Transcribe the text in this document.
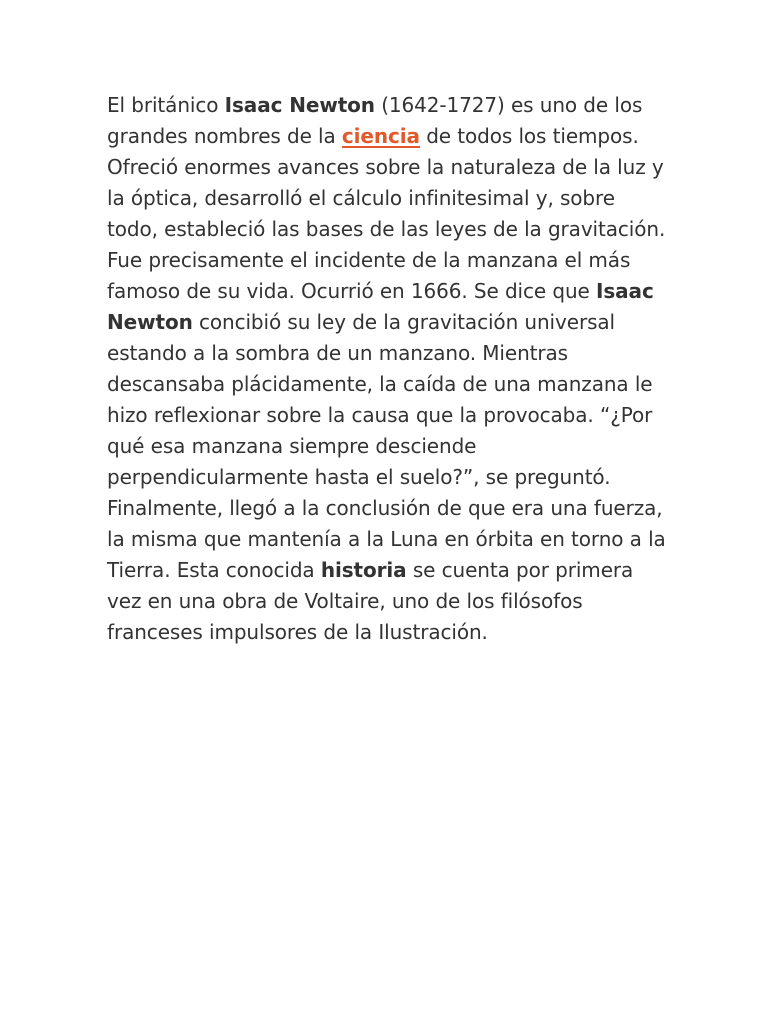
El británico Isaac Newton (1642-1727) es uno de los grandes nombres de la ciencia de todos los tiempos. Ofreció enormes avances sobre la naturaleza de la luz y la óptica, desarrolló el cálculo infinitesimal y, sobre todo, estableció las bases de las leyes de la gravitación.

Fue precisamente el incidente de la manzana el más famoso de su vida. Ocurrió en 1666. Se dice que Isaac Newton concibió su ley de la gravitación universal estando a la sombra de un manzano. Mientras descansaba plácidamente, la caída de una manzana le hizo reflexionar sobre la causa que la provocaba. “¿Por qué esa manzana siempre desciende perpendicularmente hasta el suelo?”, se preguntó. Finalmente, llegó a la conclusión de que era una fuerza, la misma que mantenía a la Luna en órbita en torno a la Tierra. Esta conocida historia se cuenta por primera vez en una obra de Voltaire, uno de los filósofos franceses impulsores de la Ilustración.
